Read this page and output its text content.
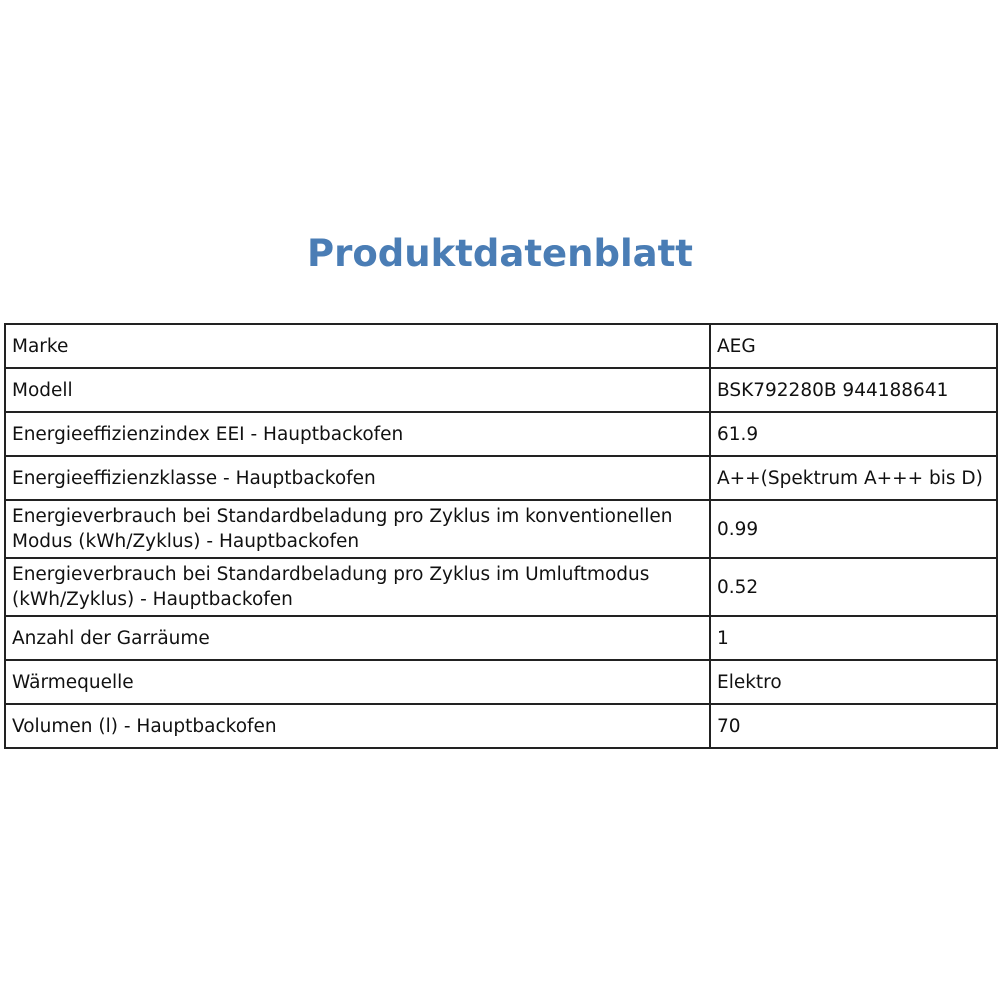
Produktdatenblatt
Marke	AEG
Modell	BSK792280B 944188641
Energieeffizienzindex EEI - Hauptbackofen	61.9
Energieeffizienzklasse - Hauptbackofen	A++(Spektrum A+++ bis D)
Energieverbrauch bei Standardbeladung pro Zyklus im konventionellen Modus (kWh/Zyklus) - Hauptbackofen	0.99
Energieverbrauch bei Standardbeladung pro Zyklus im Umluftmodus (kWh/Zyklus) - Hauptbackofen	0.52
Anzahl der Garräume	1
Wärmequelle	Elektro
Volumen (l) - Hauptbackofen	70
